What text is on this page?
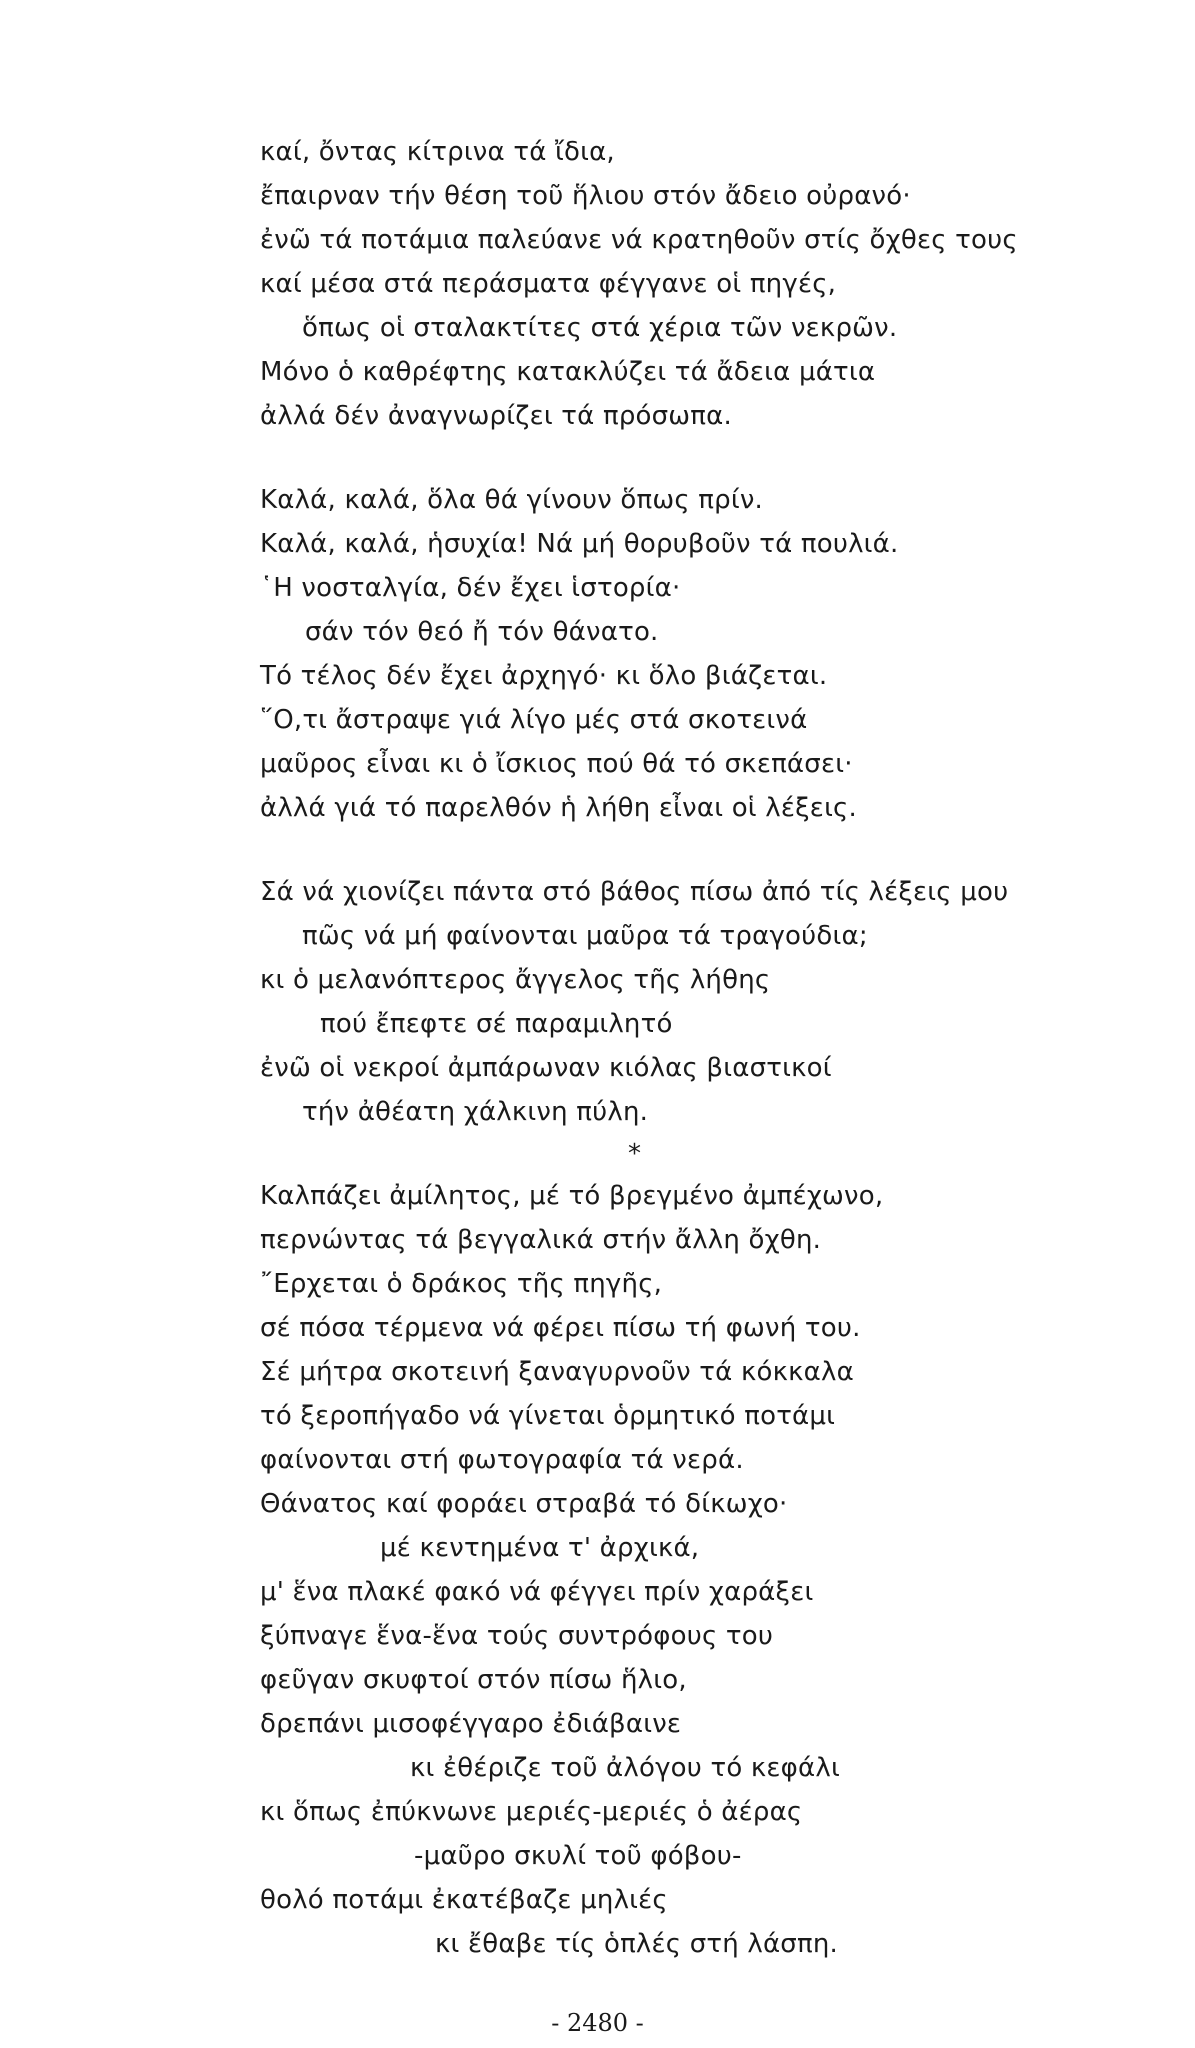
καί, ὄντας κίτρινα τά ἴδια,
ἔπαιρναν τήν θέση τοῦ ἥλιου στόν ἄδειο οὐρανό·
ἐνῶ τά ποτάμια παλεύανε νά κρατηθοῦν στίς ὄχθες τους
καί μέσα στά περάσματα φέγγανε οἱ πηγές,
ὅπως οἱ σταλακτίτες στά χέρια τῶν νεκρῶν.
Μόνο ὁ καθρέφτης κατακλύζει τά ἄδεια μάτια
ἀλλά δέν ἀναγνωρίζει τά πρόσωπα.
Καλά, καλά, ὅλα θά γίνουν ὅπως πρίν.
Καλά, καλά, ἡσυχία! Νά μή θορυβοῦν τά πουλιά.
῾Η νοσταλγία, δέν ἔχει ἱστορία·
σάν τόν θεό ἤ τόν θάνατο.
Τό τέλος δέν ἔχει ἀρχηγό· κι ὅλο βιάζεται.
῞Ο,τι ἄστραψε γιά λίγο μές στά σκοτεινά
μαῦρος εἶναι κι ὁ ἴσκιος πού θά τό σκεπάσει·
ἀλλά γιά τό παρελθόν ἡ λήθη εἶναι οἱ λέξεις.
Σά νά χιονίζει πάντα στό βάθος πίσω ἀπό τίς λέξεις μου
πῶς νά μή φαίνονται μαῦρα τά τραγούδια;
κι ὁ μελανόπτερος ἄγγελος τῆς λήθης
πού ἔπεφτε σέ παραμιλητό
ἐνῶ οἱ νεκροί ἀμπάρωναν κιόλας βιαστικοί
τήν ἀθέατη χάλκινη πύλη.
*
Καλπάζει ἀμίλητος, μέ τό βρεγμένο ἀμπέχωνο,
περνώντας τά βεγγαλικά στήν ἄλλη ὄχθη.
῎Ερχεται ὁ δράκος τῆς πηγῆς,
σέ πόσα τέρμενα νά φέρει πίσω τή φωνή του.
Σέ μήτρα σκοτεινή ξαναγυρνοῦν τά κόκκαλα
τό ξεροπήγαδο νά γίνεται ὁρμητικό ποτάμι
φαίνονται στή φωτογραφία τά νερά.
Θάνατος καί φοράει στραβά τό δίκωχο·
μέ κεντημένα τ' ἀρχικά,
μ' ἕνα πλακέ φακό νά φέγγει πρίν χαράξει
ξύπναγε ἕνα-ἕνα τούς συντρόφους του
φεῦγαν σκυφτοί στόν πίσω ἥλιο,
δρεπάνι μισοφέγγαρο ἐδιάβαινε
κι ἐθέριζε τοῦ ἀλόγου τό κεφάλι
κι ὅπως ἐπύκνωνε μεριές-μεριές ὁ ἀέρας
-μαῦρο σκυλί τοῦ φόβου-
θολό ποτάμι ἐκατέβαζε μηλιές
κι ἔθαβε τίς ὁπλές στή λάσπη.
- 2480 -
